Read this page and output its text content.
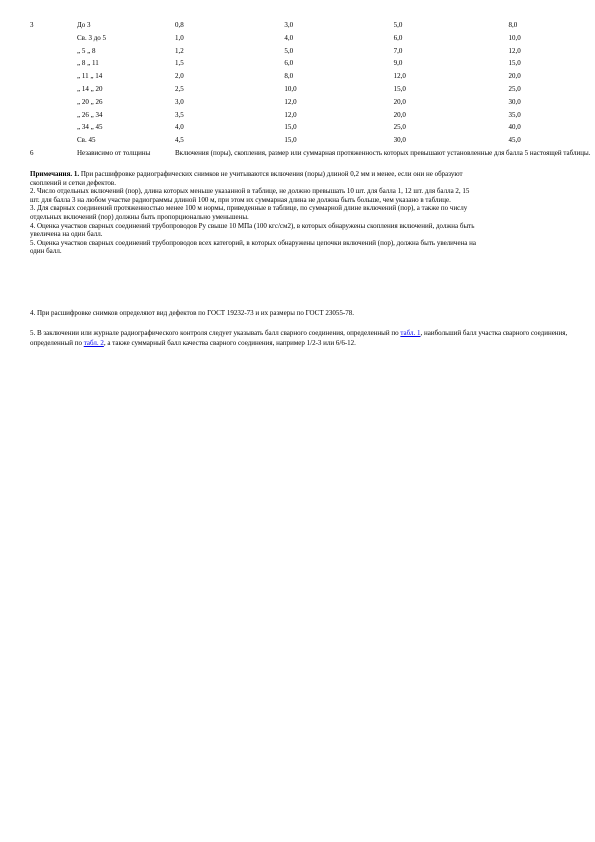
3	До 3	0,8	3,0	5,0	8,0
	Св. 3 до 5	1,0	4,0	6,0	10,0
	„ 5 „ 8	1,2	5,0	7,0	12,0
	„ 8 „ 11	1,5	6,0	9,0	15,0
	„ 11 „ 14	2,0	8,0	12,0	20,0
	„ 14 „ 20	2,5	10,0	15,0	25,0
	„ 20 „ 26	3,0	12,0	20,0	30,0
	„ 26 „ 34	3,5	12,0	20,0	35,0
	„ 34 „ 45	4,0	15,0	25,0	40,0
	Св. 45	4,5	15,0	30,0	45,0
6	Независимо от толщины	Включения (поры), скопления, размер или суммарная протяженность которых превышают установленные для балла 5 настоящей таблицы.			

Примечания. 1. При расшифровке радиографических снимков не учитываются включения (поры) длиной 0,2 мм и менее, если они не образуют скоплений и сетки дефектов.

2. Число отдельных включений (пор), длина которых меньше указанной в таблице, не должно превышать 10 шт. для балла 1, 12 шт. для балла 2, 15 шт. для балла 3 на любом участке радиограммы длиной 100 м, при этом их суммарная длина не должна быть больше, чем указано в таблице.

3. Для сварных соединений протяженностью менее 100 м нормы, приведенные в таблице, по суммарной длине включений (пор), а также по числу отдельных включений (пор) должны быть пропорционально уменьшены.

4. Оценка участков сварных соединений трубопроводов Ру свыше 10 МПа (100 кгс/см2), в которых обнаружены скопления включений, должна быть увеличена на один балл.

5. Оценка участков сварных соединений трубопроводов всех категорий, в которых обнаружены цепочки включений (пор), должна быть увеличена на один балл.

4. При расшифровке снимков определяют вид дефектов по ГОСТ 19232-73 и их размеры по ГОСТ 23055-78.

5. В заключении или журнале радиографического контроля следует указывать балл сварного соединения, определенный по табл. 1, наибольший балл участка сварного соединения, определенный по табл. 2, а также суммарный балл качества сварного соединения, например 1/2-3 или 6/6-12.
